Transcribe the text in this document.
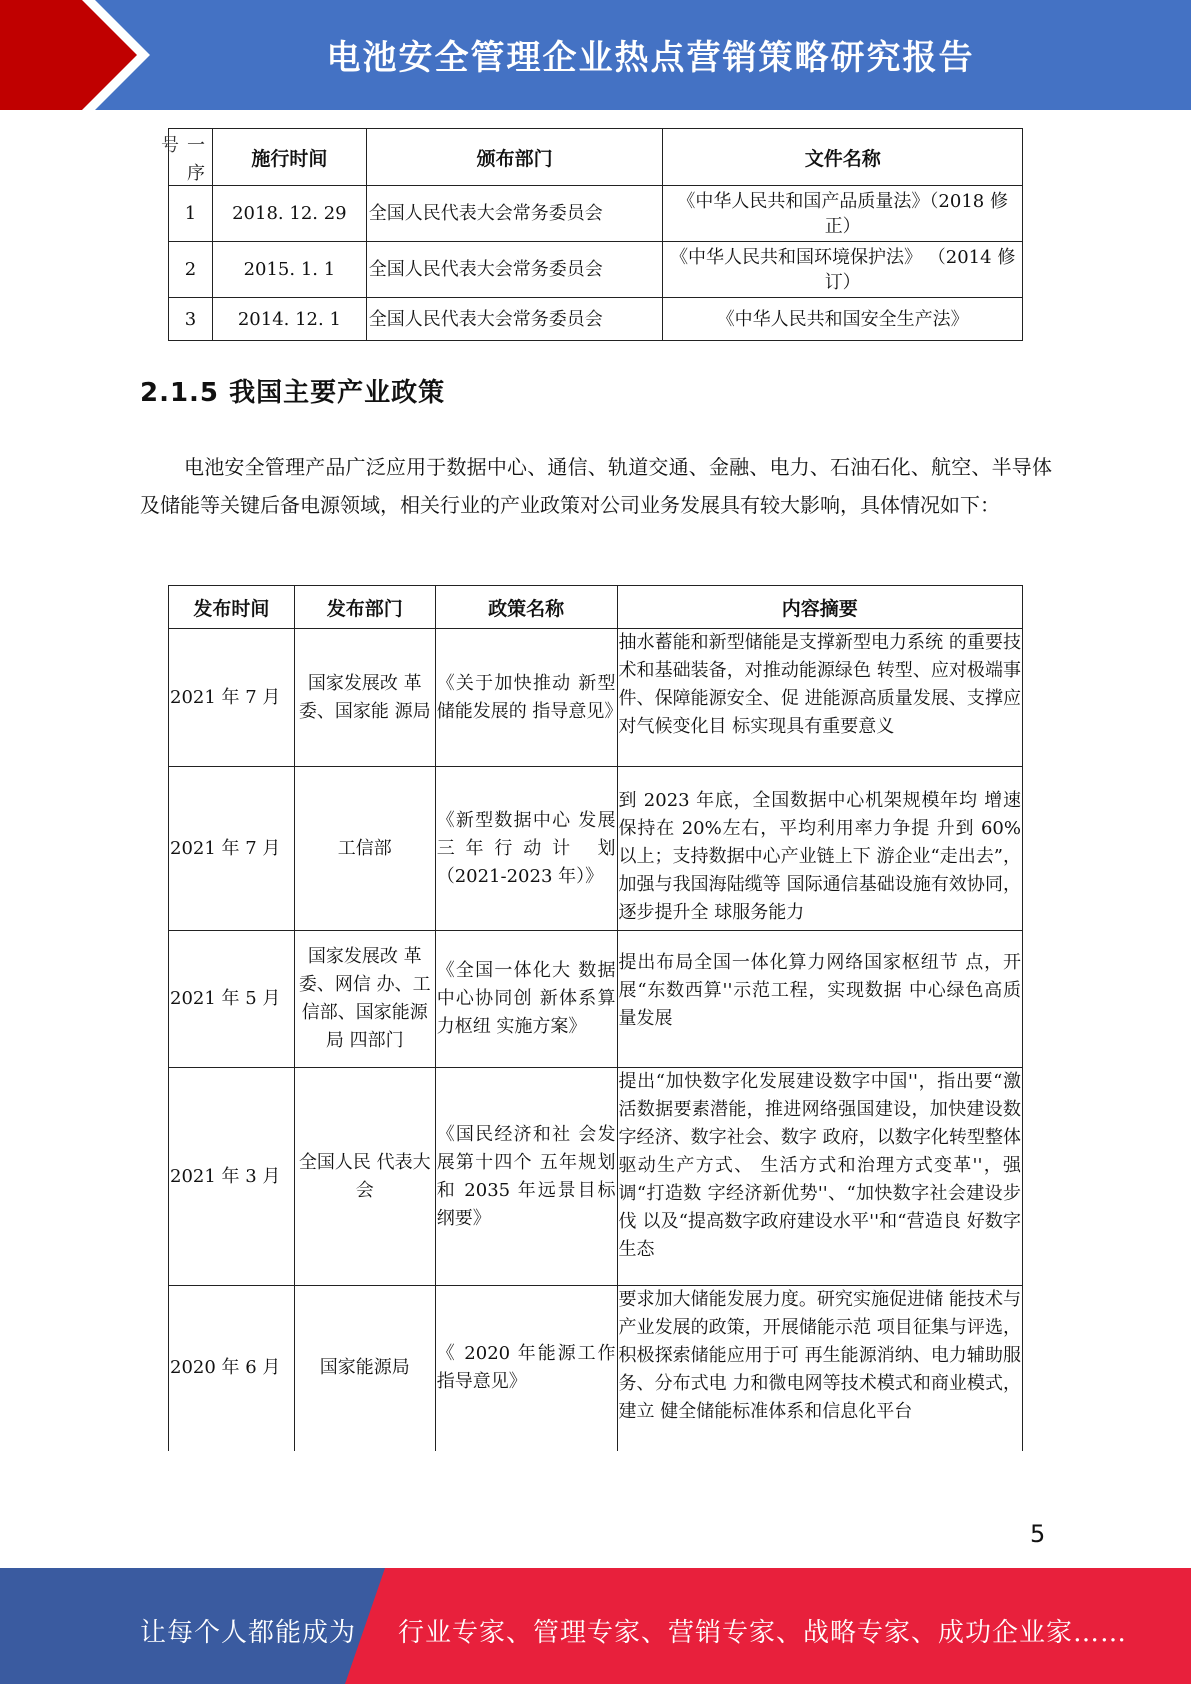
电池安全管理企业热点营销策略研究报告
号 一
序	施行时间	颁布部门	文件名称
1	2018. 12. 29	全国人民代表大会常务委员会	《中华人民共和国产品质量法》（2018 修正）
2	2015. 1. 1	全国人民代表大会常务委员会	《中华人民共和国环境保护法》 （2014 修订）
3	2014. 12. 1	全国人民代表大会常务委员会	《中华人民共和国安全生产法》
2.1.5 我国主要产业政策
电池安全管理产品广泛应用于数据中心、通信、轨道交通、金融、电力、石油石化、航空、半导体及储能等关键后备电源领域，相关行业的产业政策对公司业务发展具有较大影响，具体情况如下：
发布时间	发布部门	政策名称	内容摘要
2021 年 7 月	国家发展改 革委、国家能 源局	《关于加快推动 新型储能发展的 指导意见》	抽水蓄能和新型储能是支撑新型电力系统 的重要技术和基础装备，对推动能源绿色 转型、应对极端事件、保障能源安全、促 进能源高质量发展、支撑应对气候变化目 标实现具有重要意义
2021 年 7 月	工信部	《新型数据中心 发展三年行动计 划（2021-2023 年）》	到 2023 年底，全国数据中心机架规模年均 增速保持在 20%左右，平均利用率力争提 升到 60%以上；支持数据中心产业链上下 游企业“走出去”，加强与我国海陆缆等 国际通信基础设施有效协同，逐步提升全 球服务能力
2021 年 5 月	国家发展改 革委、网信 办、工信部、国家能源局 四部门	《全国一体化大 数据中心协同创 新体系算力枢纽 实施方案》	提出布局全国一体化算力网络国家枢纽节 点，开展“东数西算''示范工程，实现数据 中心绿色高质量发展
2021 年 3 月	全国人民 代表大会	《国民经济和社 会发展第十四个 五年规划和 2035 年远景目标纲要》	提出“加快数字化发展建设数字中国''，指出要“激活数据要素潜能，推进网络强国建设，加快建设数字经济、数字社会、数字 政府，以数字化转型整体驱动生产方式、 生活方式和治理方式变革''，强调“打造数 字经济新优势''、“加快数字社会建设步伐 以及“提高数字政府建设水平''和“营造良 好数字生态
2020 年 6 月	国家能源局	《 2020 年能源工作指导意见》	要求加大储能发展力度。研究实施促进储 能技术与产业发展的政策，开展储能示范 项目征集与评选，积极探索储能应用于可 再生能源消纳、电力辅助服务、分布式电 力和微电网等技术模式和商业模式，建立 健全储能标准体系和信息化平台
5
让每个人都能成为 行业专家、管理专家、营销专家、战略专家、成功企业家……
